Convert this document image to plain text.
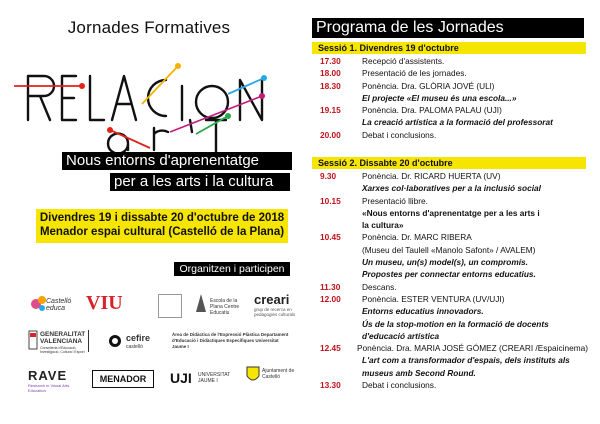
Jornades Formatives
Nous entorns d'aprenentatge
per a les arts i la cultura
Divendres 19 i dissabte 20 d'octubre de 2018
Menador espai cultural (Castelló de la Plana)
Organitzen i participen
Castelló educa	VIU	Escola de la Plana Centre Educatiu
creari
grup de recerca en pedagogies culturals
GENERALITAT VALENCIANA
Conselleria d'Educació, Investigació, Cultura i Esport
cefire
castelló
Àrea de Didàctica de l'Expressió Plàstica Departament d'Educació i Didàctiques Específiques Universitat Jaume I
RAVE
Research in Visual Arts Education
MENADOR	UJI UNIVERSITAT JAUME I
Ajuntament de Castelló
Programa de les Jornades
Sessió 1. Divendres 19 d'octubre
17.30	Recepció d'assistents.
18.00	Presentació de les jornades.
18.30	Ponència. Dra. GLÒRIA JOVÉ (ULl)
El projecte «El museu és una escola...»
19.15	Ponència. Dra. PALOMA PALAU (UJI)
La creació artística a la formació del professorat
20.00	Debat i conclusions.
Sessió 2. Dissabte 20 d'octubre
9.30	Ponència. Dr. RICARD HUERTA (UV)
Xarxes col·laboratives per a la inclusió social
10.15	Presentació llibre.
«Nous entorns d'aprenentatge per a les arts i
la cultura»
10.45	Ponència. Dr. MARC RIBERA
(Museu del Taulell «Manolo Safont» / AVALEM)
Un museu, un(s) model(s), un compromís.
Propostes per connectar entorns educatius.
11.30	Descans.
12.00	Ponència. ESTER VENTURA (UV/UJI)
Entorns educatius innovadors.
Ús de la stop-motion en la formació de docents
d'educació artística
12.45	Ponència. Dra. MARIA JOSÉ GÓMEZ (CREARI /Espaicinema)
L'art com a transformador d'espais, dels instituts als
museus amb Second Round.
13.30	Debat i conclusions.
